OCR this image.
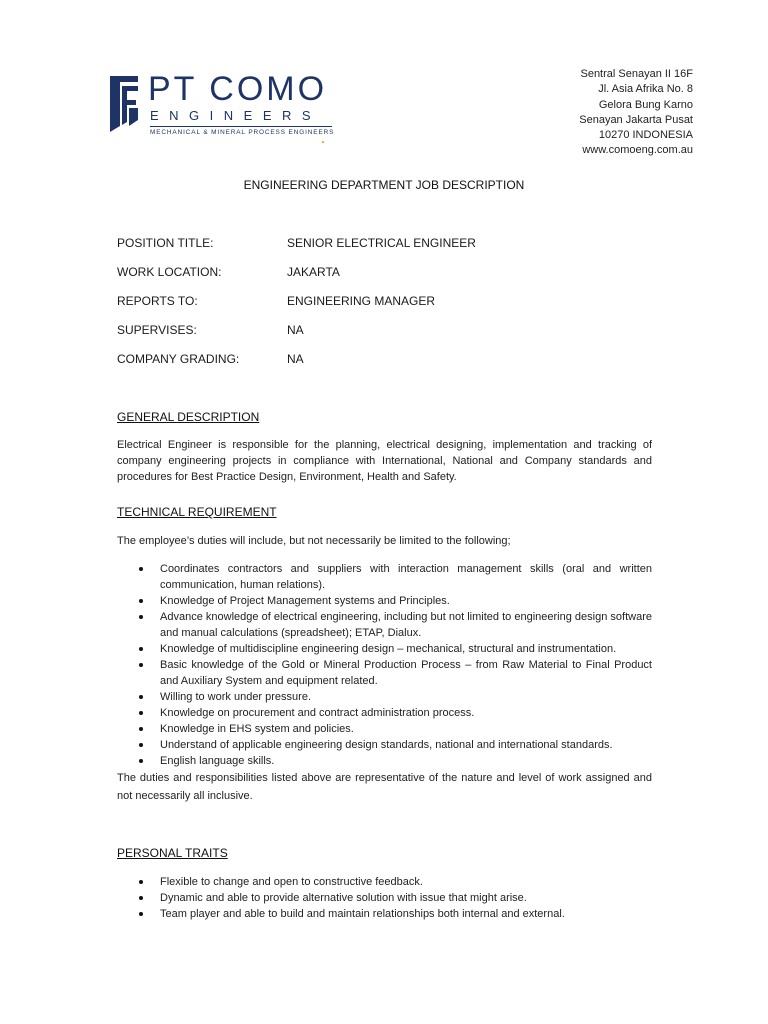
PT COMO
ENGINEERS
MECHANICAL & MINERAL PROCESS ENGINEERS
Sentral Senayan II 16F
Jl. Asia Afrika No. 8
Gelora Bung Karno
Senayan Jakarta Pusat
10270 INDONESIA
www.comoeng.com.au
ENGINEERING DEPARTMENT JOB DESCRIPTION
POSITION TITLE:	SENIOR ELECTRICAL ENGINEER
WORK LOCATION:	JAKARTA
REPORTS TO:	ENGINEERING MANAGER
SUPERVISES:	NA
COMPANY GRADING:	NA
GENERAL DESCRIPTION
Electrical Engineer is responsible for the planning, electrical designing, implementation and tracking of company engineering projects in compliance with International, National and Company standards and procedures for Best Practice Design, Environment, Health and Safety.
TECHNICAL REQUIREMENT
The employee’s duties will include, but not necessarily be limited to the following;
Coordinates contractors and suppliers with interaction management skills (oral and written communication, human relations).
Knowledge of Project Management systems and Principles.
Advance knowledge of electrical engineering, including but not limited to engineering design software and manual calculations (spreadsheet); ETAP, Dialux.
Knowledge of multidiscipline engineering design – mechanical, structural and instrumentation.
Basic knowledge of the Gold or Mineral Production Process – from Raw Material to Final Product and Auxiliary System and equipment related.
Willing to work under pressure.
Knowledge on procurement and contract administration process.
Knowledge in EHS system and policies.
Understand of applicable engineering design standards, national and international standards.
English language skills.
The duties and responsibilities listed above are representative of the nature and level of work assigned and not necessarily all inclusive.
PERSONAL TRAITS
Flexible to change and open to constructive feedback.
Dynamic and able to provide alternative solution with issue that might arise.
Team player and able to build and maintain relationships both internal and external.
